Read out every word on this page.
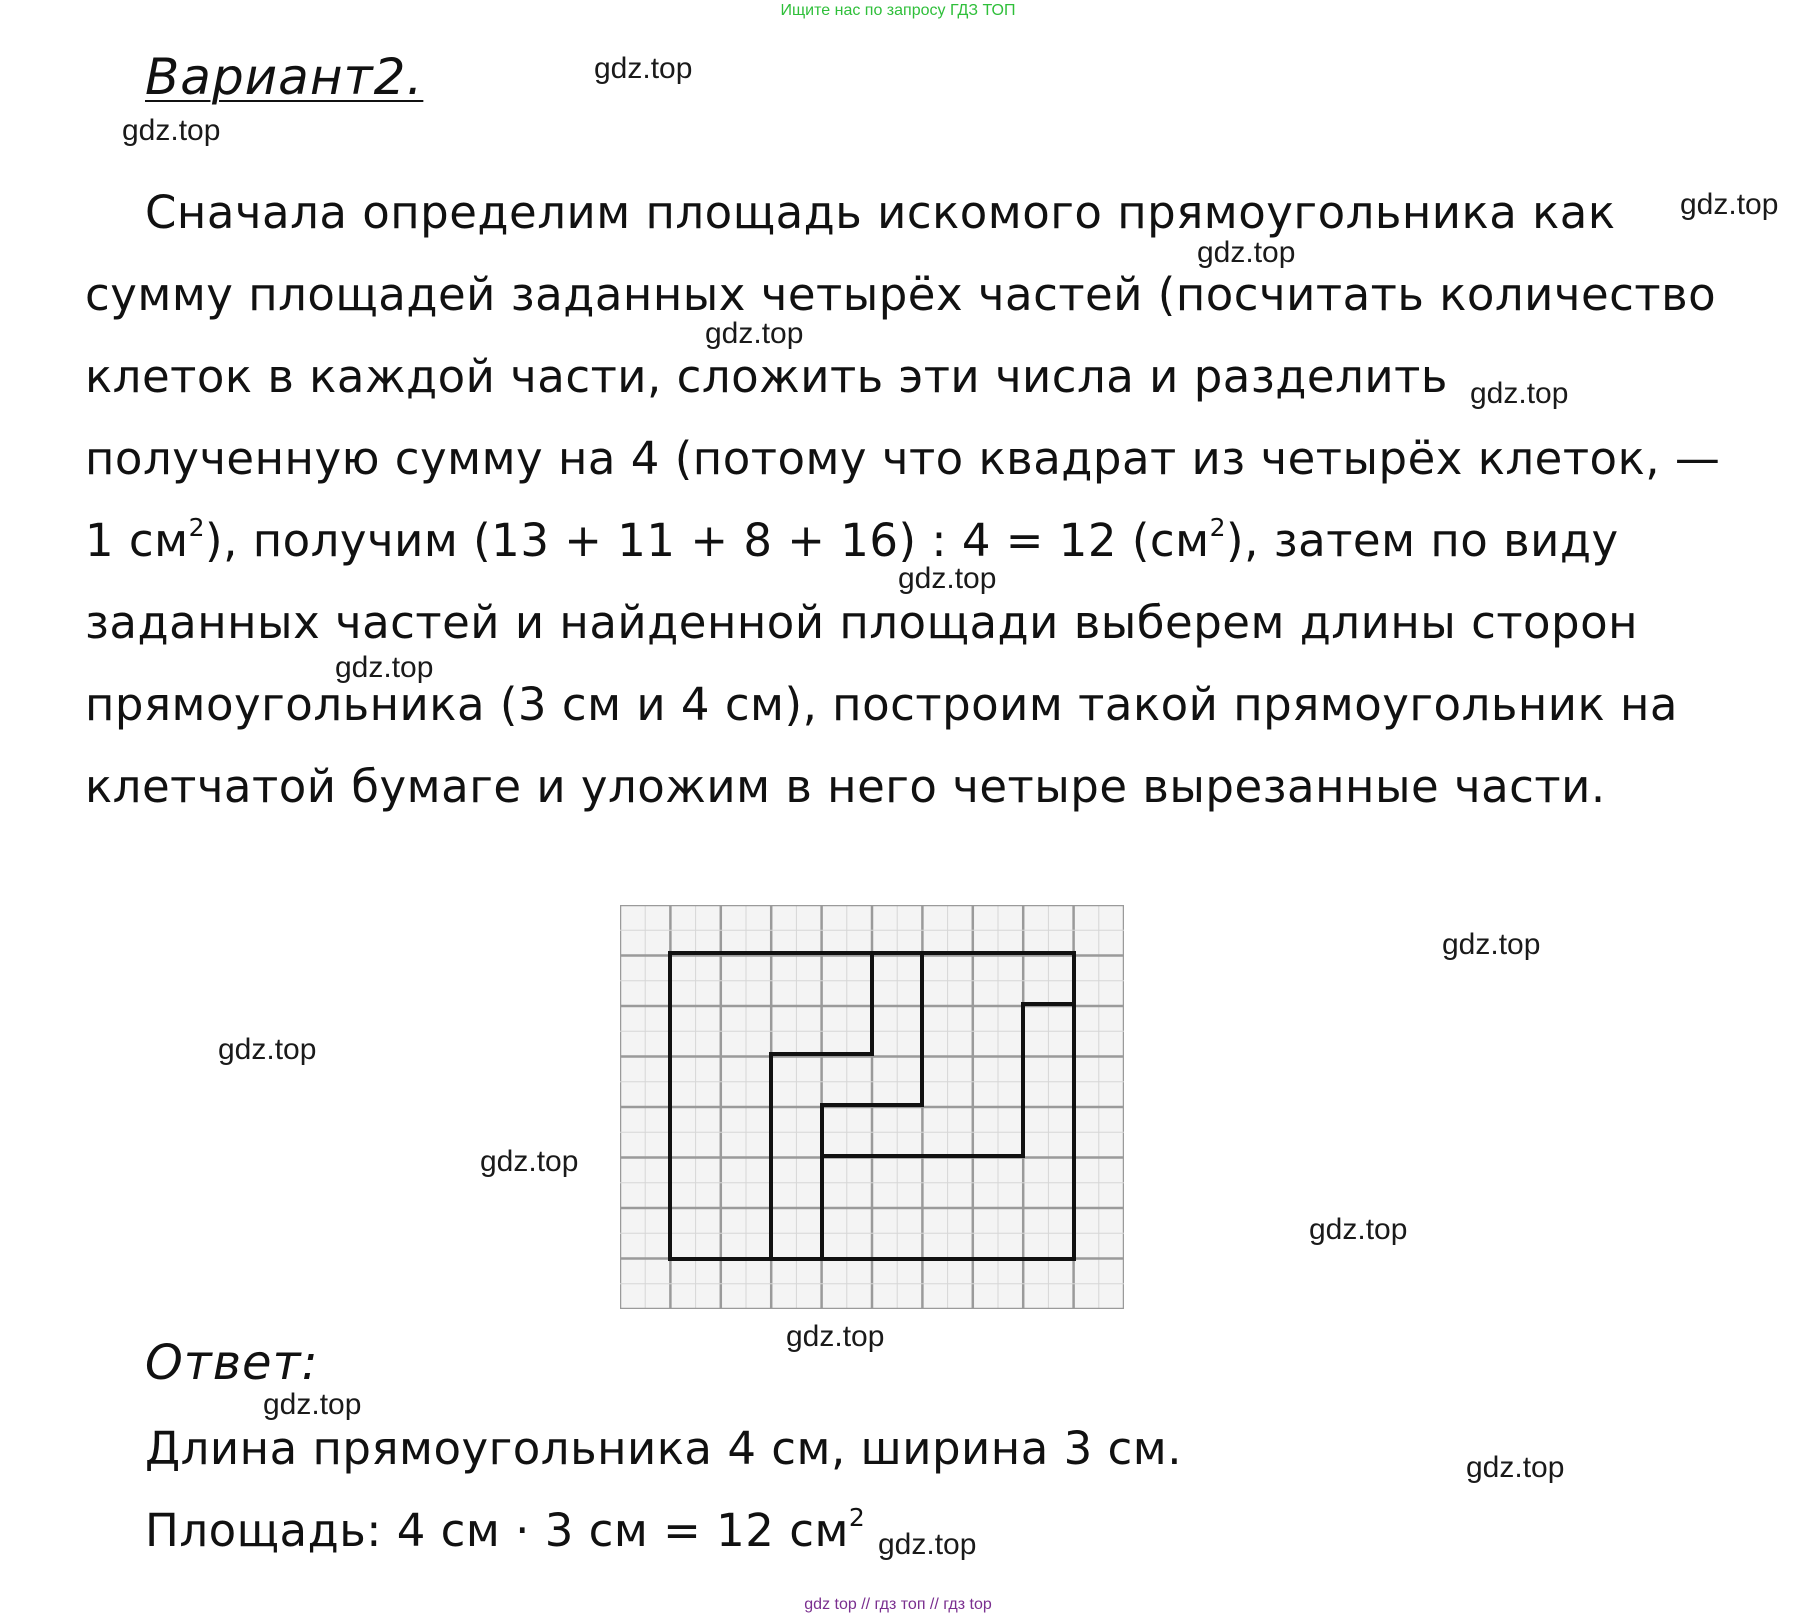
Ищите нас по запросу ГДЗ ТОП
Вариант2.	gdz.top
gdz.top
gdz.top
gdz.top
gdz.top
gdz.top
gdz.top
gdz.top
gdz.top
gdz.top
gdz.top
gdz.top
gdz.top
gdz.top
gdz.top
gdz.top
Сначала определим площадь искомого прямоугольника как
сумму площадей заданных четырёх частей (посчитать количество
клеток в каждой части, сложить эти числа и разделить
полученную сумму на 4 (потому что квадрат из четырёх клеток, —
1 $см^2$), получим (13 + 11 + 8 + 16) : 4 = 12 $(см^2)$, затем по виду
заданных частей и найденной площади выберем длины сторон
прямоугольника (3 см и 4 см), построим такой прямоугольник на
клетчатой бумаге и уложим в него четыре вырезанные части.
Ответ:
Длина прямоугольника 4 см, ширина 3 см.
Площадь: 4 см · 3 см = 12 $см^2$
gdz top // гдз топ // гдз top
